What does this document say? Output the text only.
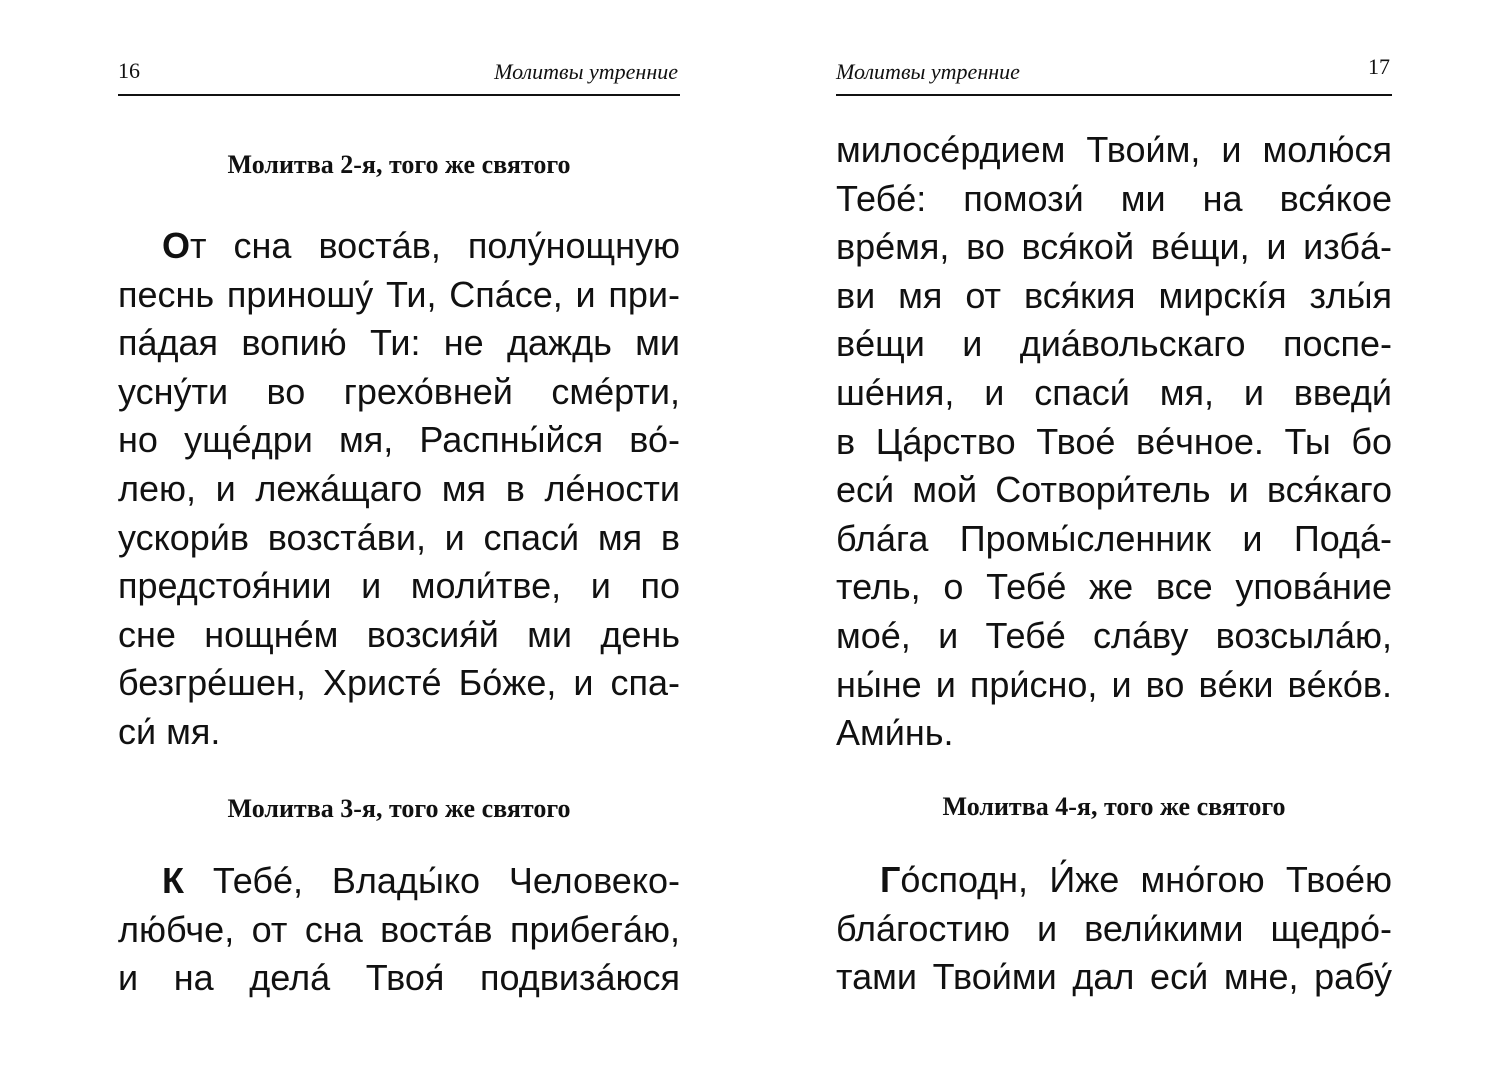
16	Молитвы утренние
Молитва 2-я, того же святого
От сна востáв, полу́нощную
песнь приношу́ Ти, Спáсе, и при-
пáдая вопию́ Ти: не даждь ми
усну́ти во грехо́вней смéрти,
но ущéдри мя, Распны́йся во́-
лею, и лежáщаго мя в лéности
ускори́в возстáви, и спаси́ мя в
предстоя́нии и моли́тве, и по
сне нощнéм возсия́й ми день
безгрéшен, Христé Бо́же, и спа-
си́ мя.
Молитва 3-я, того же святого
К Тебé, Влады́ко Человеко-
лю́бче, от сна востáв прибегáю,
и на делá Твоя́ подвизáюся
Молитвы утренние	17
милосéрдием Твои́м, и молю́ся
Тебé: помози́ ми на вся́кое
врéмя, во вся́кой вéщи, и избá-
ви мя от вся́кия мирскíя злы́я
вéщи и диáвольскаго поспе-
шéния, и спаси́ мя, и введи́
в Цáрство Твоé вéчное. Ты бо
еси́ мой Сотвори́тель и вся́каго
блáга Промы́сленник и Подá-
тель, о Тебé же все уповáние
моé, и Тебé слáву возсылáю,
ны́не и при́сно, и во вéки вéко́в.
Ами́нь.
Молитва 4-я, того же святого
Го́сподн, И́же мно́гою Твоéю
блáгостию и вели́кими щедро́-
тами Твои́ми дал еси́ мне, рабу́
